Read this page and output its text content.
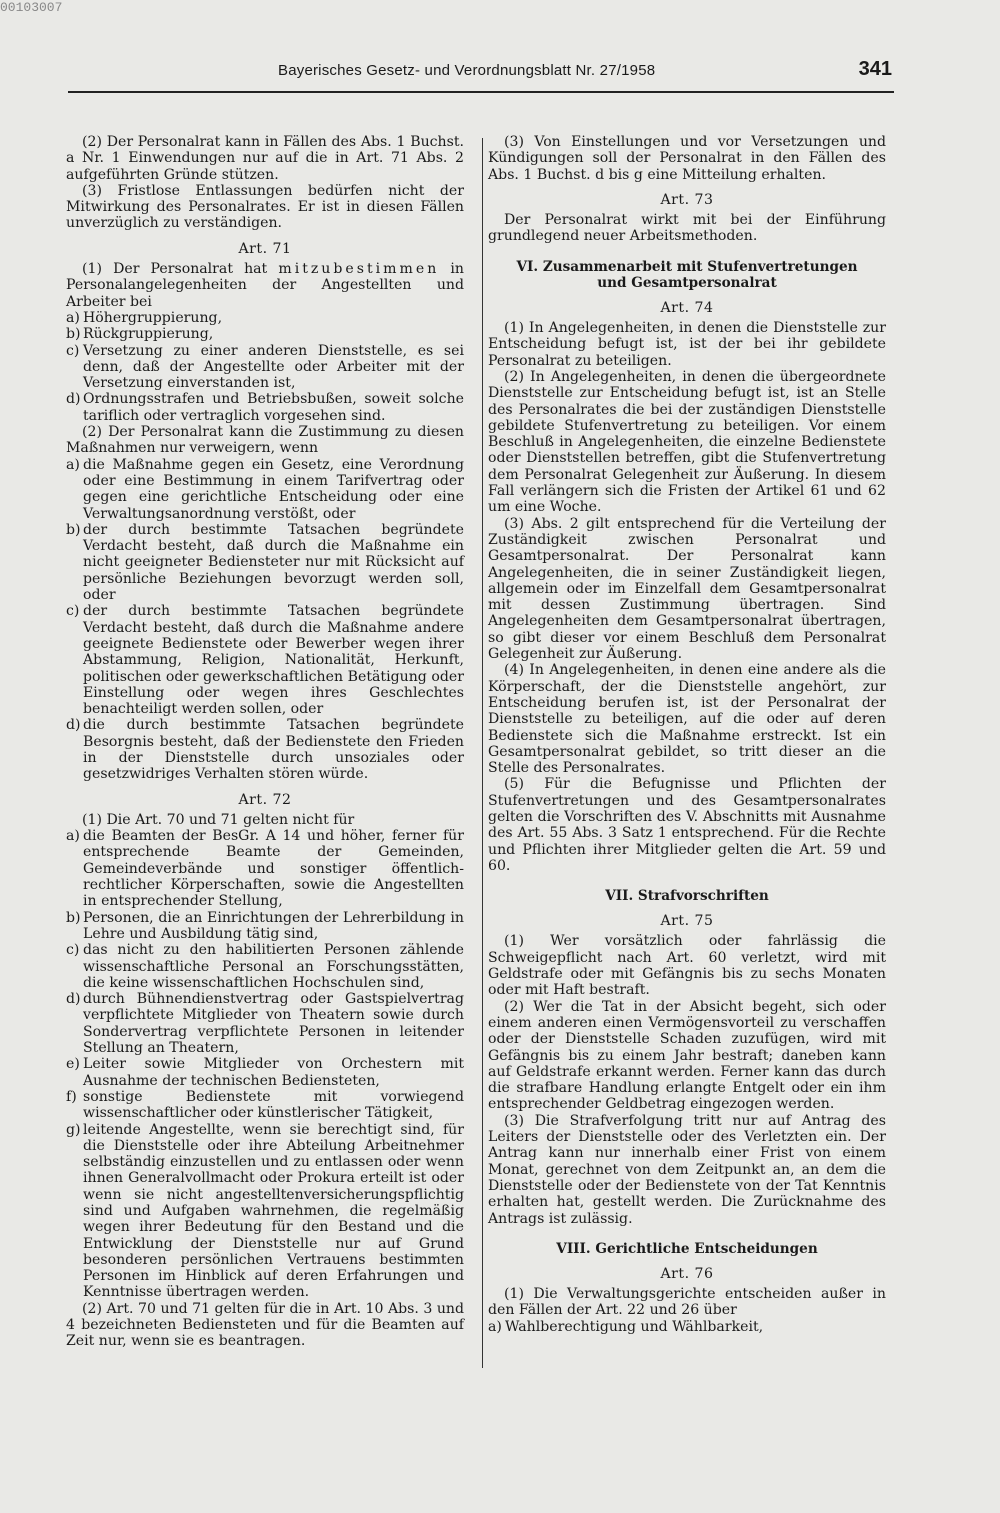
00103007
Bayerisches Gesetz- und Verordnungsblatt Nr. 27/1958	341

(2) Der Personalrat kann in Fällen des Abs. 1 Buchst. a Nr. 1 Einwendungen nur auf die in Art. 71 Abs. 2 aufgeführten Gründe stützen.

(3) Fristlose Entlassungen bedürfen nicht der Mitwirkung des Personalrates. Er ist in diesen Fällen unverzüglich zu verständigen.

Art. 71

(1) Der Personalrat hat mitzubestimmen in Personalangelegenheiten der Angestellten und Arbeiter bei

a) Höhergruppierung,
b) Rückgruppierung,
c) Versetzung zu einer anderen Dienststelle, es sei denn, daß der Angestellte oder Arbeiter mit der Versetzung einverstanden ist,
d) Ordnungsstrafen und Betriebsbußen, soweit solche tariflich oder vertraglich vorgesehen sind.

(2) Der Personalrat kann die Zustimmung zu diesen Maßnahmen nur verweigern, wenn

a) die Maßnahme gegen ein Gesetz, eine Verordnung oder eine Bestimmung in einem Tarifvertrag oder gegen eine gerichtliche Entscheidung oder eine Verwaltungsanordnung verstößt, oder
b) der durch bestimmte Tatsachen begründete Verdacht besteht, daß durch die Maßnahme ein nicht geeigneter Bediensteter nur mit Rücksicht auf persönliche Beziehungen bevorzugt werden soll, oder
c) der durch bestimmte Tatsachen begründete Verdacht besteht, daß durch die Maßnahme andere geeignete Bedienstete oder Bewerber wegen ihrer Abstammung, Religion, Nationalität, Herkunft, politischen oder gewerkschaftlichen Betätigung oder Einstellung oder wegen ihres Geschlechtes benachteiligt werden sollen, oder
d) die durch bestimmte Tatsachen begründete Besorgnis besteht, daß der Bedienstete den Frieden in der Dienststelle durch unsoziales oder gesetzwidriges Verhalten stören würde.
Art. 72

(1) Die Art. 70 und 71 gelten nicht für

a) die Beamten der BesGr. A 14 und höher, ferner für entsprechende Beamte der Gemeinden, Gemeindeverbände und sonstiger öffentlich-rechtlicher Körperschaften, sowie die Angestellten in entsprechender Stellung,
b) Personen, die an Einrichtungen der Lehrerbildung in Lehre und Ausbildung tätig sind,
c) das nicht zu den habilitierten Personen zählende wissenschaftliche Personal an Forschungsstätten, die keine wissenschaftlichen Hochschulen sind,
d) durch Bühnendienstvertrag oder Gastspielvertrag verpflichtete Mitglieder von Theatern sowie durch Sondervertrag verpflichtete Personen in leitender Stellung an Theatern,
e) Leiter sowie Mitglieder von Orchestern mit Ausnahme der technischen Bediensteten,
f) sonstige Bedienstete mit vorwiegend wissenschaftlicher oder künstlerischer Tätigkeit,
g) leitende Angestellte, wenn sie berechtigt sind, für die Dienststelle oder ihre Abteilung Arbeitnehmer selbständig einzustellen und zu entlassen oder wenn ihnen Generalvollmacht oder Prokura erteilt ist oder wenn sie nicht angestelltenversicherungspflichtig sind und Aufgaben wahrnehmen, die regelmäßig wegen ihrer Bedeutung für den Bestand und die Entwicklung der Dienststelle nur auf Grund besonderen persönlichen Vertrauens bestimmten Personen im Hinblick auf deren Erfahrungen und Kenntnisse übertragen werden.

(2) Art. 70 und 71 gelten für die in Art. 10 Abs. 3 und 4 bezeichneten Bediensteten und für die Beamten auf Zeit nur, wenn sie es beantragen.

(3) Von Einstellungen und vor Versetzungen und Kündigungen soll der Personalrat in den Fällen des Abs. 1 Buchst. d bis g eine Mitteilung erhalten.

Art. 73

Der Personalrat wirkt mit bei der Einführung grundlegend neuer Arbeitsmethoden.

VI. Zusammenarbeit mit Stufenvertretungen
und Gesamtpersonalrat
Art. 74

(1) In Angelegenheiten, in denen die Dienststelle zur Entscheidung befugt ist, ist der bei ihr gebildete Personalrat zu beteiligen.

(2) In Angelegenheiten, in denen die übergeordnete Dienststelle zur Entscheidung befugt ist, ist an Stelle des Personalrates die bei der zuständigen Dienststelle gebildete Stufenvertretung zu beteiligen. Vor einem Beschluß in Angelegenheiten, die einzelne Bedienstete oder Dienststellen betreffen, gibt die Stufenvertretung dem Personalrat Gelegenheit zur Äußerung. In diesem Fall verlängern sich die Fristen der Artikel 61 und 62 um eine Woche.

(3) Abs. 2 gilt entsprechend für die Verteilung der Zuständigkeit zwischen Personalrat und Gesamtpersonalrat. Der Personalrat kann Angelegenheiten, die in seiner Zuständigkeit liegen, allgemein oder im Einzelfall dem Gesamtpersonalrat mit dessen Zustimmung übertragen. Sind Angelegenheiten dem Gesamtpersonalrat übertragen, so gibt dieser vor einem Beschluß dem Personalrat Gelegenheit zur Äußerung.

(4) In Angelegenheiten, in denen eine andere als die Körperschaft, der die Dienststelle angehört, zur Entscheidung berufen ist, ist der Personalrat der Dienststelle zu beteiligen, auf die oder auf deren Bedienstete sich die Maßnahme erstreckt. Ist ein Gesamtpersonalrat gebildet, so tritt dieser an die Stelle des Personalrates.

(5) Für die Befugnisse und Pflichten der Stufenvertretungen und des Gesamtpersonalrates gelten die Vorschriften des V. Abschnitts mit Ausnahme des Art. 55 Abs. 3 Satz 1 entsprechend. Für die Rechte und Pflichten ihrer Mitglieder gelten die Art. 59 und 60.

VII. Strafvorschriften
Art. 75

(1) Wer vorsätzlich oder fahrlässig die Schweigepflicht nach Art. 60 verletzt, wird mit Geldstrafe oder mit Gefängnis bis zu sechs Monaten oder mit Haft bestraft.

(2) Wer die Tat in der Absicht begeht, sich oder einem anderen einen Vermögensvorteil zu verschaffen oder der Dienststelle Schaden zuzufügen, wird mit Gefängnis bis zu einem Jahr bestraft; daneben kann auf Geldstrafe erkannt werden. Ferner kann das durch die strafbare Handlung erlangte Entgelt oder ein ihm entsprechender Geldbetrag eingezogen werden.

(3) Die Strafverfolgung tritt nur auf Antrag des Leiters der Dienststelle oder des Verletzten ein. Der Antrag kann nur innerhalb einer Frist von einem Monat, gerechnet von dem Zeitpunkt an, an dem die Dienststelle oder der Bedienstete von der Tat Kenntnis erhalten hat, gestellt werden. Die Zurücknahme des Antrags ist zulässig.

VIII. Gerichtliche Entscheidungen
Art. 76

(1) Die Verwaltungsgerichte entscheiden außer in den Fällen der Art. 22 und 26 über

a) Wahlberechtigung und Wählbarkeit,
